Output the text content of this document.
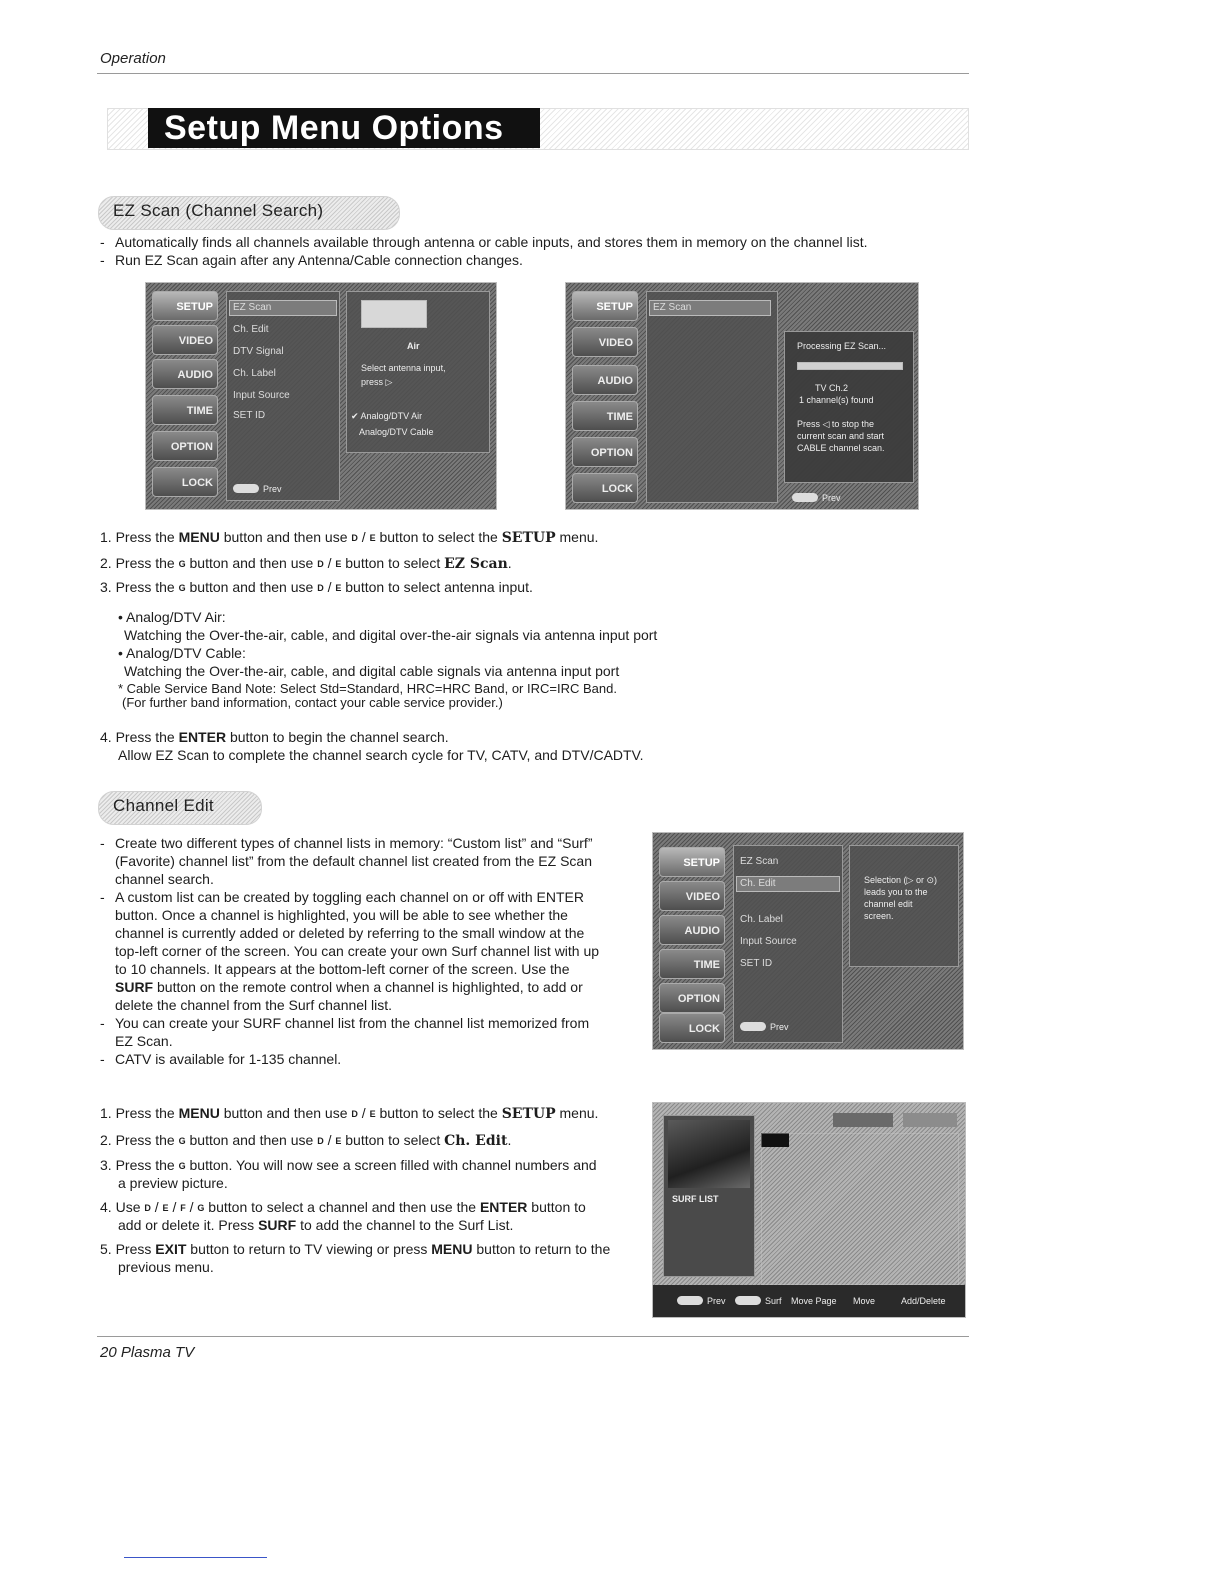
Operation
Setup Menu Options
EZ Scan (Channel Search)
- Automatically finds all channels available through antenna or cable inputs, and stores them in memory on the channel list.
- Run EZ Scan again after any Antenna/Cable connection changes.
SETUP
VIDEO
AUDIO
TIME
OPTION
LOCK
EZ Scan
Ch. Edit
DTV Signal
Ch. Label
Input Source
SET ID
Prev
Air
Select antenna input,
press ▷
✔ Analog/DTV Air
Analog/DTV Cable
SETUP
VIDEO
AUDIO
TIME
OPTION
LOCK
EZ Scan
Processing EZ Scan...
TV Ch.2
1 channel(s) found
Press ◁ to stop the
current scan and start
CABLE channel scan.
Prev
1. Press the MENU button and then use D / E button to select the SETUP menu.
2. Press the G button and then use D / E button to select EZ Scan.
3. Press the G button and then use D / E button to select antenna input.
• Analog/DTV Air:
Watching the Over-the-air, cable, and digital over-the-air signals via antenna input port
• Analog/DTV Cable:
Watching the Over-the-air, cable, and digital cable signals via antenna input port
* Cable Service Band Note: Select Std=Standard, HRC=HRC Band, or IRC=IRC Band.
(For further band information, contact your cable service provider.)
4. Press the ENTER button to begin the channel search.
Allow EZ Scan to complete the channel search cycle for TV, CATV, and DTV/CADTV.
Channel Edit
- Create two different types of channel lists in memory: “Custom list” and “Surf”
(Favorite) channel list” from the default channel list created from the EZ Scan
channel search.
- A custom list can be created by toggling each channel on or off with ENTER
button. Once a channel is highlighted, you will be able to see whether the
channel is currently added or deleted by referring to the small window at the
top-left corner of the screen. You can create your own Surf channel list with up
to 10 channels. It appears at the bottom-left corner of the screen. Use the
SURF button on the remote control when a channel is highlighted, to add or
delete the channel from the Surf channel list.
- You can create your SURF channel list from the channel list memorized from
EZ Scan.
- CATV is available for 1-135 channel.
SETUP
VIDEO
AUDIO
TIME
OPTION
LOCK
EZ Scan
Ch. Edit
Ch. Label
Input Source
SET ID
Prev
Selection (▷ or ⊙)
leads you to the
channel edit
screen.
1. Press the MENU button and then use D / E button to select the SETUP menu.
2. Press the G button and then use D / E button to select Ch. Edit.
3. Press the G button. You will now see a screen filled with channel numbers and
a preview picture.
4. Use D / E / F / G button to select a channel and then use the ENTER button to
add or delete it. Press SURF to add the channel to the Surf List.
5. Press EXIT button to return to TV viewing or press MENU button to return to the
previous menu.
SURF LIST
Prev	Surf Move Page Move	Add/Delete
20 Plasma TV
